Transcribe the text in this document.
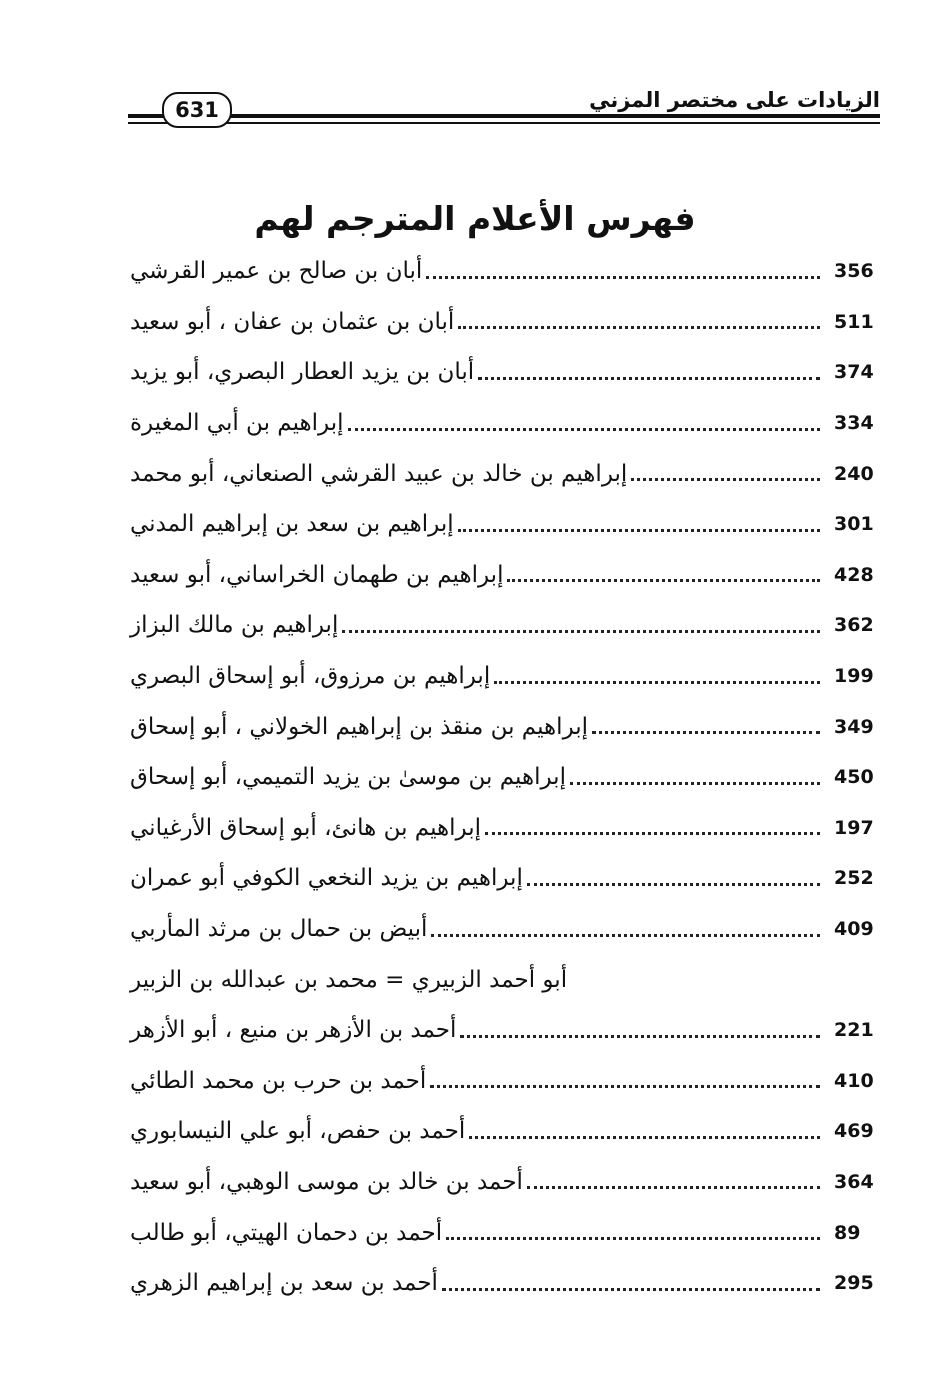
631	الزيادات على مختصر المزني
فهرس الأعلام المترجم لهم
أبان بن صالح بن عمير القرشي	356
أبان بن عثمان بن عفان ، أبو سعيد	511
أبان بن يزيد العطار البصري، أبو يزيد	374
إبراهيم بن أبي المغيرة	334
إبراهيم بن خالد بن عبيد القرشي الصنعاني، أبو محمد	240
إبراهيم بن سعد بن إبراهيم المدني	301
إبراهيم بن طهمان الخراساني، أبو سعيد	428
إبراهيم بن مالك البزاز	362
إبراهيم بن مرزوق، أبو إسحاق البصري	199
إبراهيم بن منقذ بن إبراهيم الخولاني ، أبو إسحاق	349
إبراهيم بن موسىٰ بن يزيد التميمي، أبو إسحاق	450
إبراهيم بن هانئ، أبو إسحاق الأرغياني	197
إبراهيم بن يزيد النخعي الكوفي أبو عمران	252
أبيض بن حمال بن مرثد المأربي	409
أبو أحمد الزبيري = محمد بن عبدالله بن الزبير
أحمد بن الأزهر بن منيع ، أبو الأزهر	221
أحمد بن حرب بن محمد الطائي	410
أحمد بن حفص، أبو علي النيسابوري	469
أحمد بن خالد بن موسى الوهبي، أبو سعيد	364
أحمد بن دحمان الهيتي، أبو طالب	89
أحمد بن سعد بن إبراهيم الزهري	295
